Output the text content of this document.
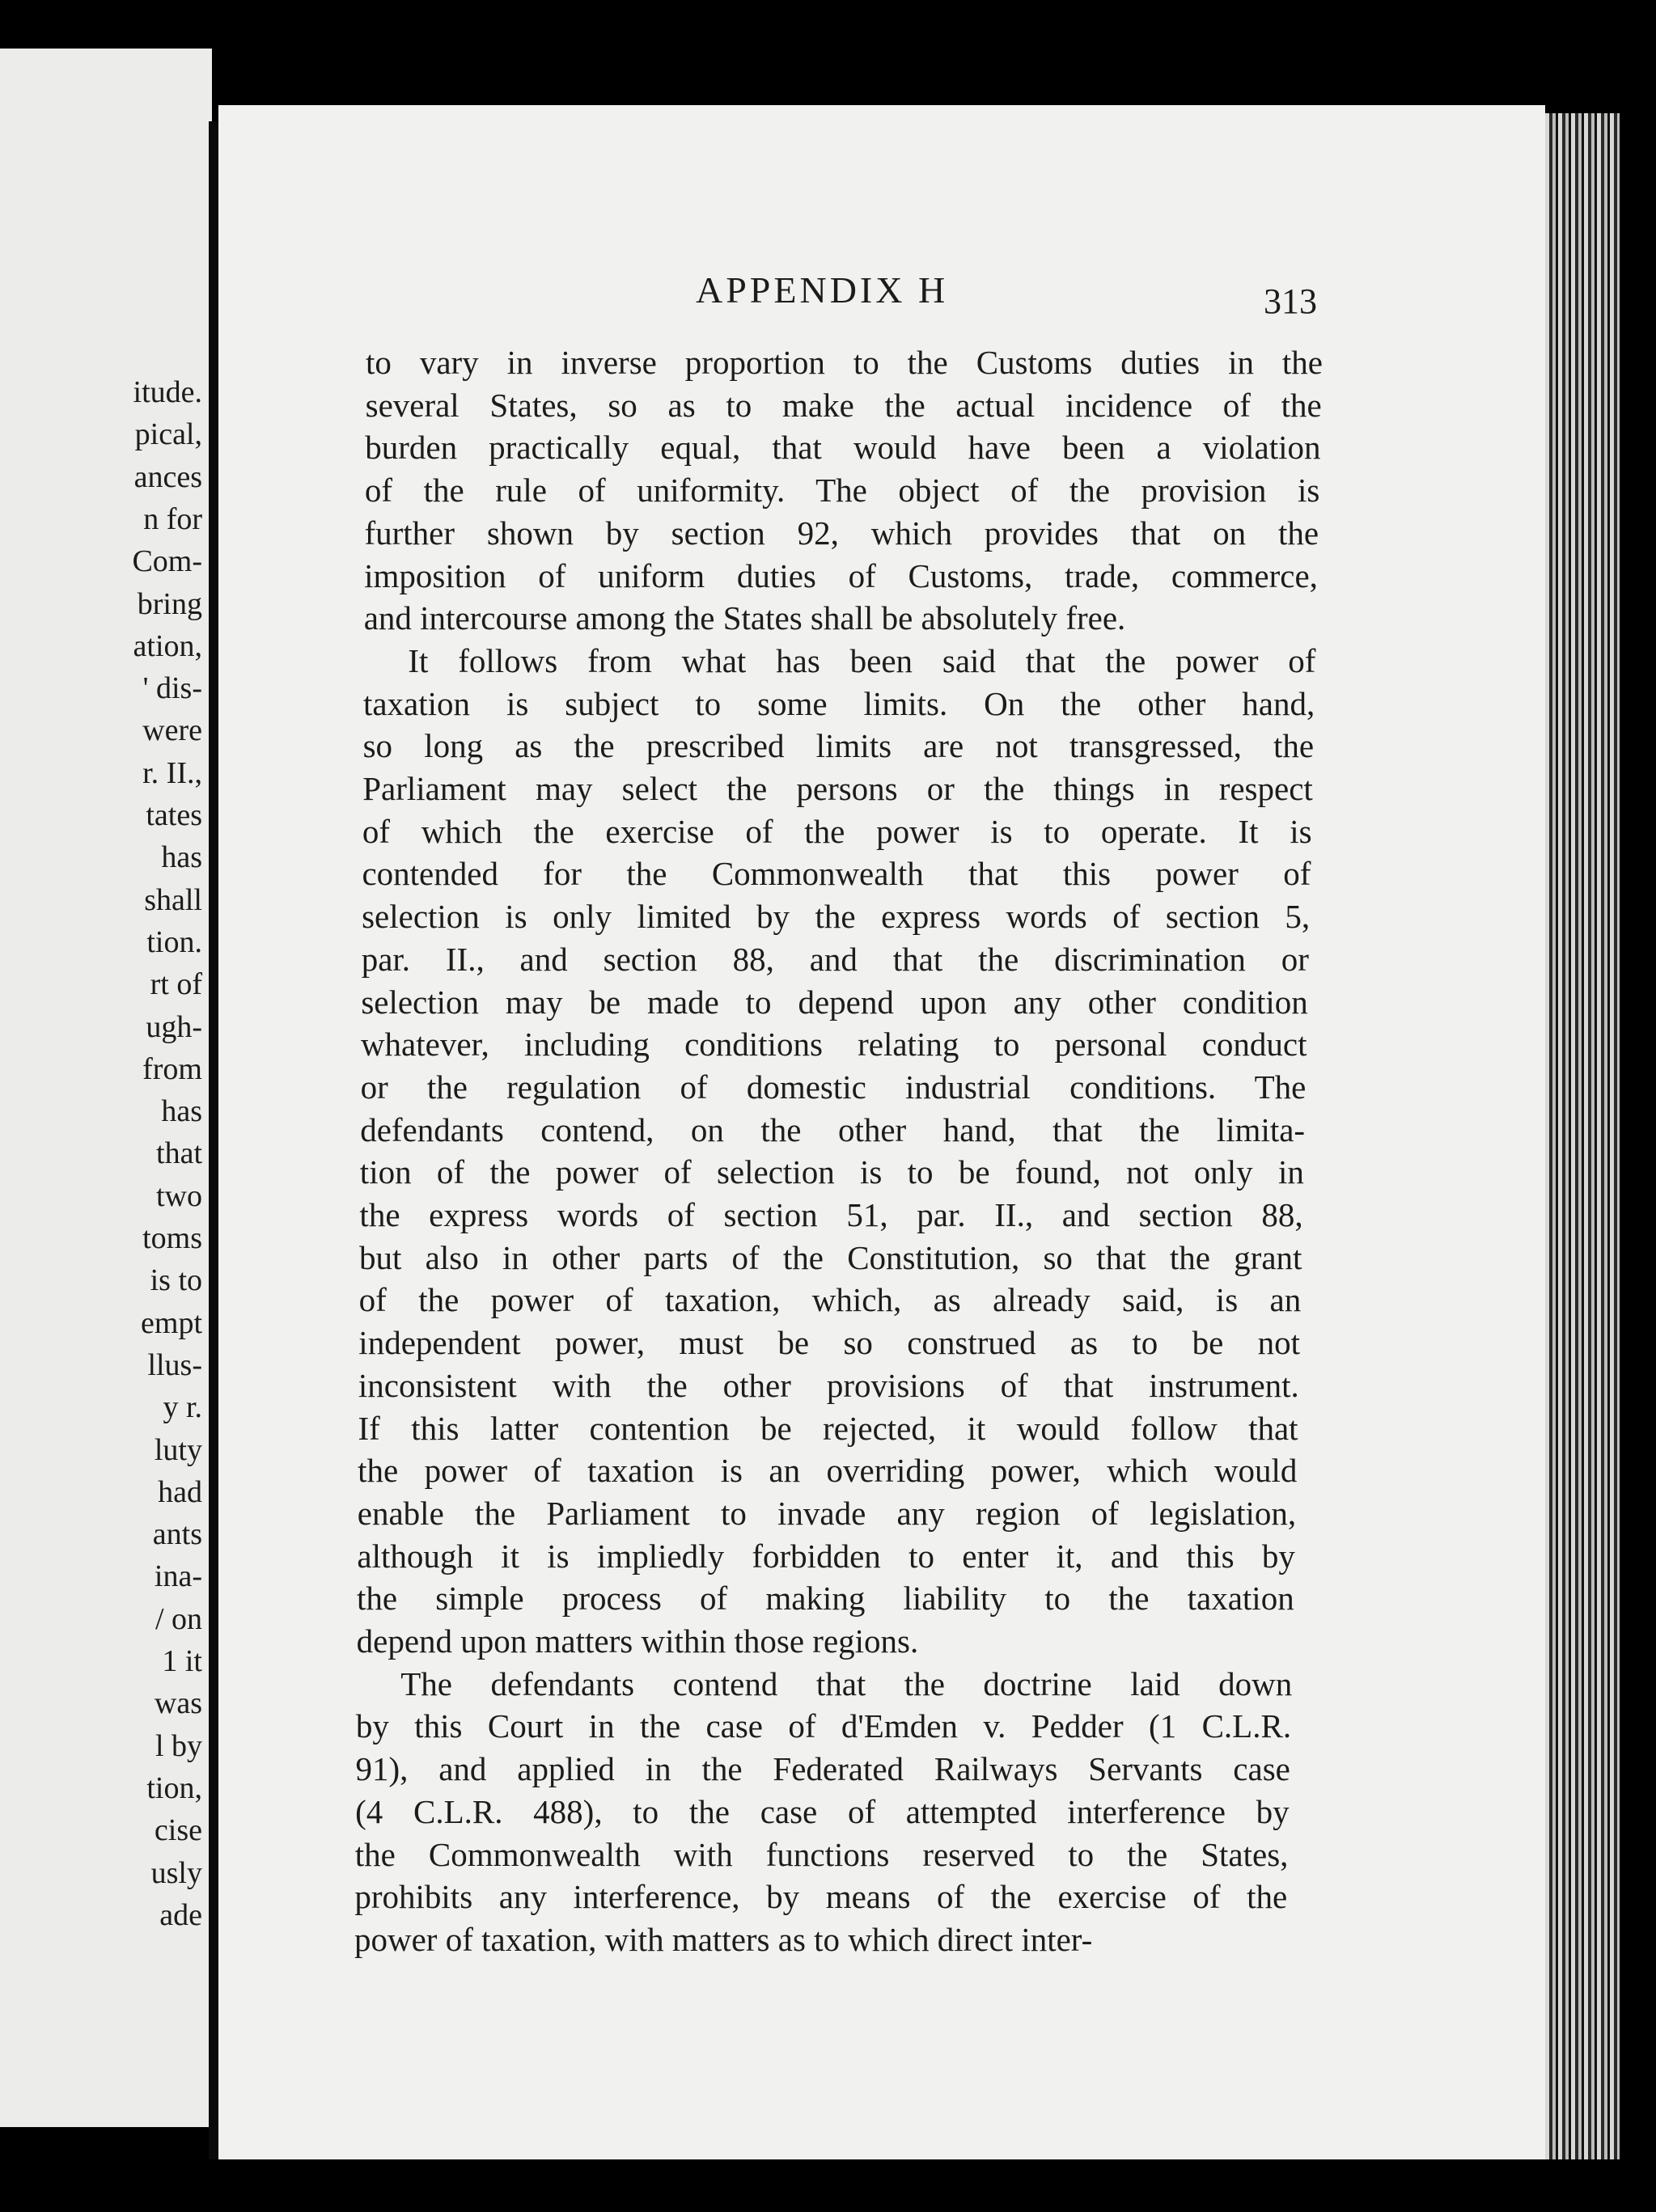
itude.
pical,
ances
n for
Com-
bring
ation,
' dis-
were
r. II.,
tates
has
shall
tion.
rt of
ugh-
from
has
that
two
toms
is to
empt
llus-
y r.
luty
had
ants
ina-
/ on
1 it
was
l by
tion,
cise
usly
ade
APPENDIX H	313
to vary in inverse proportion to the Customs duties in the
several States, so as to make the actual incidence of the
burden practically equal, that would have been a violation
of the rule of uniformity. The object of the provision is
further shown by section 92, which provides that on the
imposition of uniform duties of Customs, trade, commerce,
and intercourse among the States shall be absolutely free.
It follows from what has been said that the power of
taxation is subject to some limits. On the other hand,
so long as the prescribed limits are not transgressed, the
Parliament may select the persons or the things in respect
of which the exercise of the power is to operate. It is
contended for the Commonwealth that this power of
selection is only limited by the express words of section 5,
par. II., and section 88, and that the discrimination or
selection may be made to depend upon any other condition
whatever, including conditions relating to personal conduct
or the regulation of domestic industrial conditions. The
defendants contend, on the other hand, that the limita-
tion of the power of selection is to be found, not only in
the express words of section 51, par. II., and section 88,
but also in other parts of the Constitution, so that the grant
of the power of taxation, which, as already said, is an
independent power, must be so construed as to be not
inconsistent with the other provisions of that instrument.
If this latter contention be rejected, it would follow that
the power of taxation is an overriding power, which would
enable the Parliament to invade any region of legislation,
although it is impliedly forbidden to enter it, and this by
the simple process of making liability to the taxation
depend upon matters within those regions.
The defendants contend that the doctrine laid down
by this Court in the case of d'Emden v. Pedder (1 C.L.R.
91), and applied in the Federated Railways Servants case
(4 C.L.R. 488), to the case of attempted interference by
the Commonwealth with functions reserved to the States,
prohibits any interference, by means of the exercise of the
power of taxation, with matters as to which direct inter-
